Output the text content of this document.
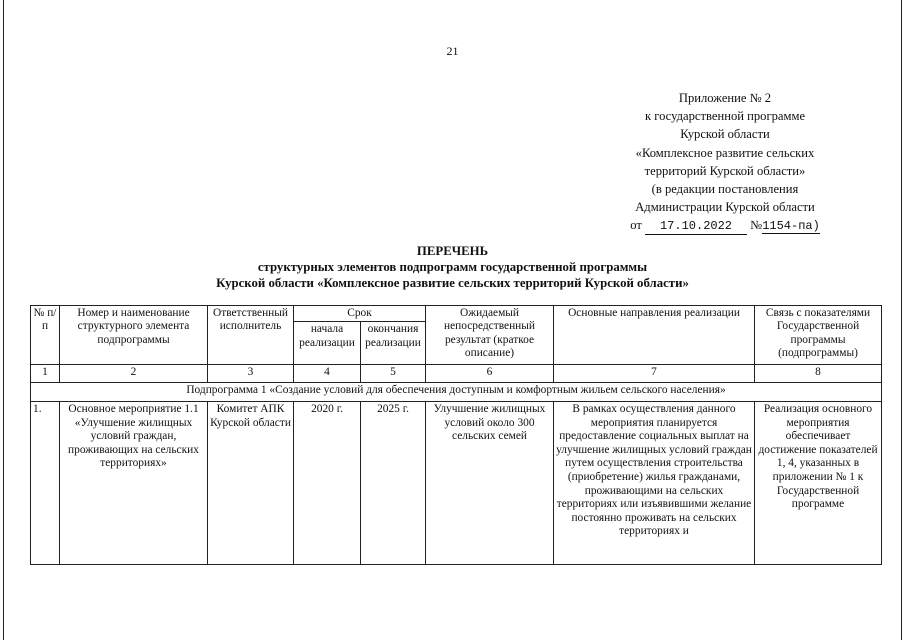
21
Приложение № 2
к государственной программе
Курской области
«Комплексное развитие сельских
территорий Курской области»
(в редакции постановления
Администрации Курской области
от 17.10.2022 №1154-па)
ПЕРЕЧЕНЬ
структурных элементов подпрограмм государственной программы
Курской области «Комплексное развитие сельских территорий Курской области»
№ п/п	Номер и наименование структурного элемента подпрограммы	Ответственный исполнитель	Срок		Ожидаемый непосредственный результат (краткое описание)	Основные направления реализации	Связь с показателями Государственной программы (подпрограммы)
			начала реализации	окончания реализации			
1	2	3	4	5	6	7	8
Подпрограмма 1 «Создание условий для обеспечения доступным и комфортным жильем сельского населения»							
1.	Основное мероприятие 1.1 «Улучшение жилищных условий граждан, проживающих на сельских территориях»	Комитет АПК Курской области	2020 г.	2025 г.	Улучшение жилищных условий около 300 сельских семей	В рамках осуществления данного мероприятия планируется предоставление социальных выплат на улучшение жилищных условий граждан путем осуществления строительства (приобретение) жилья гражданами, проживающими на сельских территориях или изъявившими желание постоянно проживать на сельских территориях и	Реализация основного мероприятия обеспечивает достижение показателей 1, 4, указанных в приложении № 1 к Государственной программе
